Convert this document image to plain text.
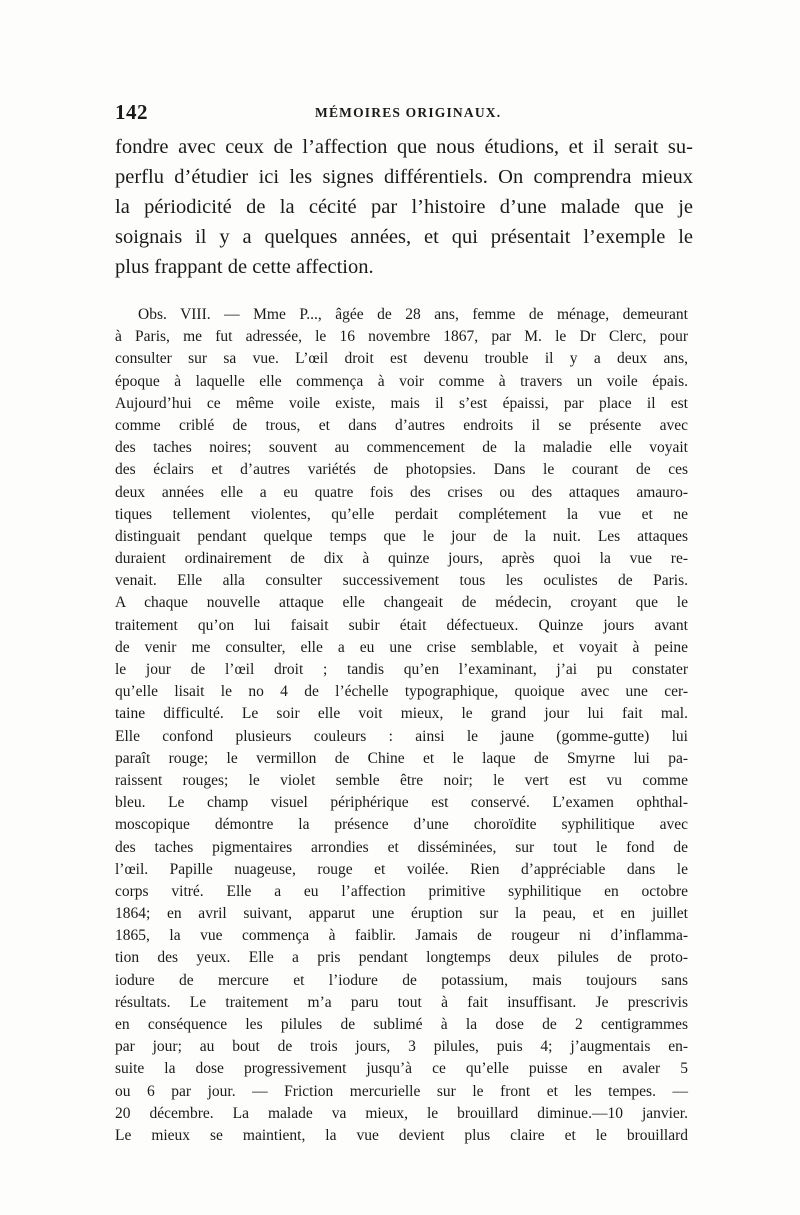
142	MÉMOIRES ORIGINAUX.
fondre avec ceux de l’affection que nous étudions, et il serait su-
perflu d’étudier ici les signes différentiels. On comprendra mieux
la périodicité de la cécité par l’histoire d’une malade que je
soignais il y a quelques années, et qui présentait l’exemple le
plus frappant de cette affection.
Obs. VIII. — Mme P..., âgée de 28 ans, femme de ménage, demeurant
à Paris, me fut adressée, le 16 novembre 1867, par M. le Dr Clerc, pour
consulter sur sa vue. L’œil droit est devenu trouble il y a deux ans,
époque à laquelle elle commença à voir comme à travers un voile épais.
Aujourd’hui ce même voile existe, mais il s’est épaissi, par place il est
comme criblé de trous, et dans d’autres endroits il se présente avec
des taches noires; souvent au commencement de la maladie elle voyait
des éclairs et d’autres variétés de photopsies. Dans le courant de ces
deux années elle a eu quatre fois des crises ou des attaques amauro-
tiques tellement violentes, qu’elle perdait complétement la vue et ne
distinguait pendant quelque temps que le jour de la nuit. Les attaques
duraient ordinairement de dix à quinze jours, après quoi la vue re-
venait. Elle alla consulter successivement tous les oculistes de Paris.
A chaque nouvelle attaque elle changeait de médecin, croyant que le
traitement qu’on lui faisait subir était défectueux. Quinze jours avant
de venir me consulter, elle a eu une crise semblable, et voyait à peine
le jour de l’œil droit ; tandis qu’en l’examinant, j’ai pu constater
qu’elle lisait le no 4 de l’échelle typographique, quoique avec une cer-
taine difficulté. Le soir elle voit mieux, le grand jour lui fait mal.
Elle confond plusieurs couleurs : ainsi le jaune (gomme-gutte) lui
paraît rouge; le vermillon de Chine et le laque de Smyrne lui pa-
raissent rouges; le violet semble être noir; le vert est vu comme
bleu. Le champ visuel périphérique est conservé. L’examen ophthal-
moscopique démontre la présence d’une choroïdite syphilitique avec
des taches pigmentaires arrondies et disséminées, sur tout le fond de
l’œil. Papille nuageuse, rouge et voilée. Rien d’appréciable dans le
corps vitré. Elle a eu l’affection primitive syphilitique en octobre
1864; en avril suivant, apparut une éruption sur la peau, et en juillet
1865, la vue commença à faiblir. Jamais de rougeur ni d’inflamma-
tion des yeux. Elle a pris pendant longtemps deux pilules de proto-
iodure de mercure et l’iodure de potassium, mais toujours sans
résultats. Le traitement m’a paru tout à fait insuffisant. Je prescrivis
en conséquence les pilules de sublimé à la dose de 2 centigrammes
par jour; au bout de trois jours, 3 pilules, puis 4; j’augmentais en-
suite la dose progressivement jusqu’à ce qu’elle puisse en avaler 5
ou 6 par jour. — Friction mercurielle sur le front et les tempes. —
20 décembre. La malade va mieux, le brouillard diminue.—10 janvier.
Le mieux se maintient, la vue devient plus claire et le brouillard
